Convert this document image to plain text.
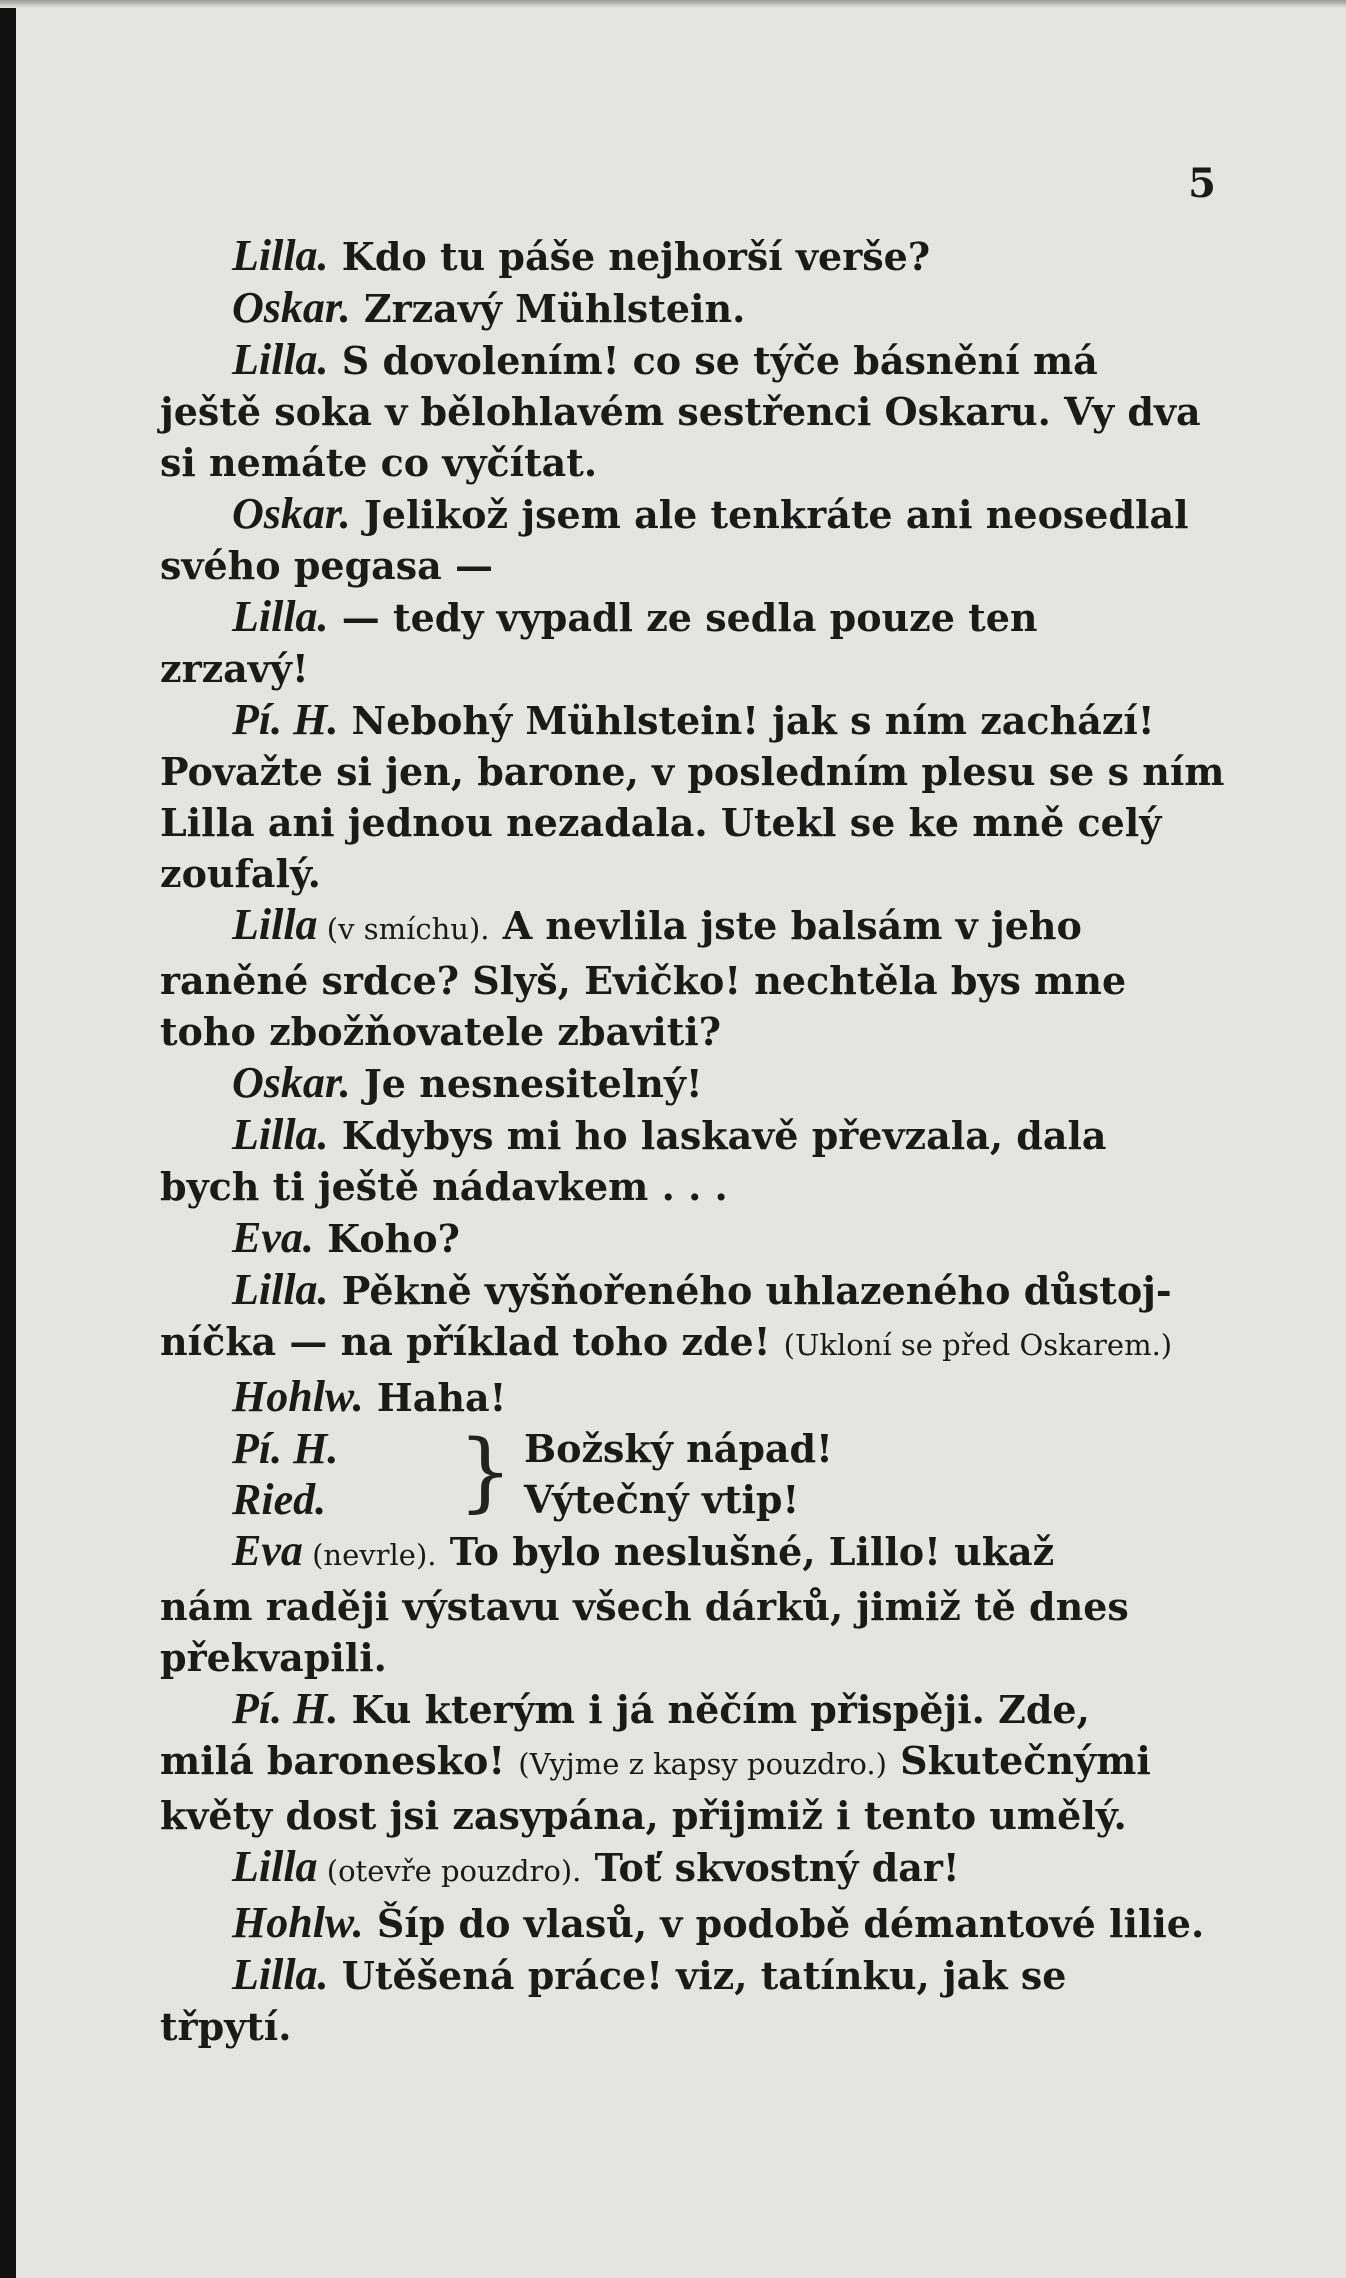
5
Lilla. Kdo tu páše nejhorší verše?
Oskar. Zrzavý Mühlstein.
Lilla. S dovolením! co se týče básnění má
ještě soka v bělohlavém sestřenci Oskaru. Vy dva
si nemáte co vyčítat.
Oskar. Jelikož jsem ale tenkráte ani neosedlal
svého pegasa —
Lilla. — tedy vypadl ze sedla pouze ten
zrzavý!
Pí. H. Nebohý Mühlstein! jak s ním zachází!
Považte si jen, barone, v posledním plesu se s ním
Lilla ani jednou nezadala. Utekl se ke mně celý
zoufalý.
Lilla (v smíchu). A nevlila jste balsám v jeho
raněné srdce? Slyš, Evičko! nechtěla bys mne
toho zbožňovatele zbaviti?
Oskar. Je nesnesitelný!
Lilla. Kdybys mi ho laskavě převzala, dala
bych ti ještě nádavkem . . .
Eva. Koho?
Lilla. Pěkně vyšňořeného uhlazeného důstoj-
níčka — na příklad toho zde! (Ukloní se před Oskarem.)
Hohlw. Haha!
}
Pí. H.	Božský nápad!
Ried.	Výtečný vtip!
Eva (nevrle). To bylo neslušné, Lillo! ukaž
nám raději výstavu všech dárků, jimiž tě dnes
překvapili.
Pí. H. Ku kterým i já něčím přispěji. Zde,
milá baronesko! (Vyjme z kapsy pouzdro.) Skutečnými
květy dost jsi zasypána, přijmiž i tento umělý.
Lilla (otevře pouzdro). Toť skvostný dar!
Hohlw. Šíp do vlasů, v podobě démantové lilie.
Lilla. Utěšená práce! viz, tatínku, jak se
třpytí.
